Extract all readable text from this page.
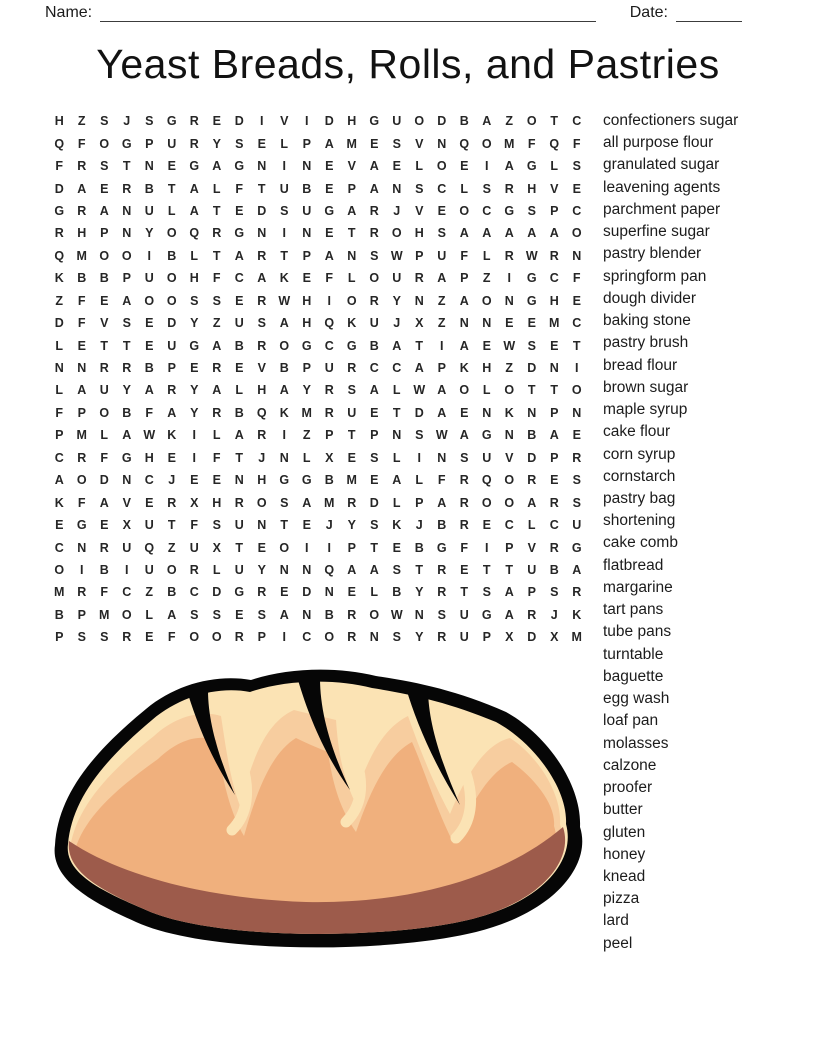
Name:	Date:
Yeast Breads, Rolls, and Pastries
H	Z	S	J	S	G	R	E	D	I	V	I	D	H	G	U	O	D	B	A	Z	O	T	C
Q	F	O	G	P	U	R	Y	S	E	L	P	A	M	E	S	V	N	Q	O M	F	Q	F
F	R	S	T	N	E	G	A	G	N	I	N	E	V	A	E	L	O	E	I	A	G	L	S
D	A	E	R	B	T	A	L	F	T	U	B	E	P	A	N	S	C	L	S	R	H	V	E
G	R	A	N	U	L	A	T	E	D	S	U	G	A	R	J	V	E	O	C	G	S	P	C
R	H	P	N	Y	O	Q	R	G	N	I	N	E	T	R	O	H	S	A	A	A	A	A	O
Q M O	O	I	B	L	T	A	R	T	P	A	N	S W P	U	F	L	R W R	N
K	B	B	P	U	O	H	F	C	A	K	E	F	L	O	U	R	A	P	Z	I	G	C	F
Z	F	E	A	O	O	S	S	E	R W H	I	O	R	Y	N	Z	A	O	N	G	H	E
D	F	V	S	E	D	Y	Z	U	S	A	H	Q	K	U	J	X	Z	N	N	E	E	M	C
L	E	T	T	E	U	G	A	B	R	O	G	C	G	B	A	T	I	A	E W S	E	T
N	N	R	R	B	P	E	R	E	V	B	P	U	R	C	C	A	P	K	H	Z	D	N	I
L	A	U	Y	A	R	Y	A	L	H	A	Y	R	S	A	L	W A	O	L	O	T	T	O
F	P	O	B	F	A	Y	R	B	Q	K	M	R	U	E	T	D	A	E	N	K	N	P	N
P	M	L	A W K	I	L	A	R	I	Z	P	T	P	N	S W A	G	N	B	A	E
C	R	F	G	H	E	I	F	T	J	N	L	X	E	S	L	I	N	S	U	V	D	P	R
A	O	D	N	C	J	E	E	N	H	G	G	B	M	E	A	L	F	R	Q	O	R	E	S
K	F	A	V	E	R	X	H	R	O	S	A	M	R	D	L	P	A	R	O	O	A	R	S
E	G	E	X	U	T	F	S	U	N	T	E	J	Y	S	K	J	B	R	E	C	L	C	U
C	N	R	U	Q	Z	U	X	T	E	O	I	I	P	T	E	B	G	F	I	P	V	R	G
O	I	B	I	U	O	R	L	U	Y	N	N	Q	A	A	S	T	R	E	T	T	U	B	A
M	R	F	C	Z	B	C	D	G	R	E	D	N	E	L	B	Y	R	T	S	A	P	S	R
B	P	M O	L	A	S	S	E	S	A	N	B	R	O W N	S	U	G	A	R	J	K
P	S	S	R	E	F	O	O	R	P	I	C	O	R	N	S	Y	R	U	P	X	D	X	M
confectioners sugar
all purpose flour
granulated sugar
leavening agents
parchment paper
superfine sugar
pastry blender
springform pan
dough divider
baking stone
pastry brush
bread flour
brown sugar
maple syrup
cake flour
corn syrup
cornstarch
pastry bag
shortening
cake comb
flatbread
margarine
tart pans
tube pans
turntable
baguette
egg wash
loaf pan
molasses
calzone
proofer
butter
gluten
honey
knead
pizza
lard
peel
